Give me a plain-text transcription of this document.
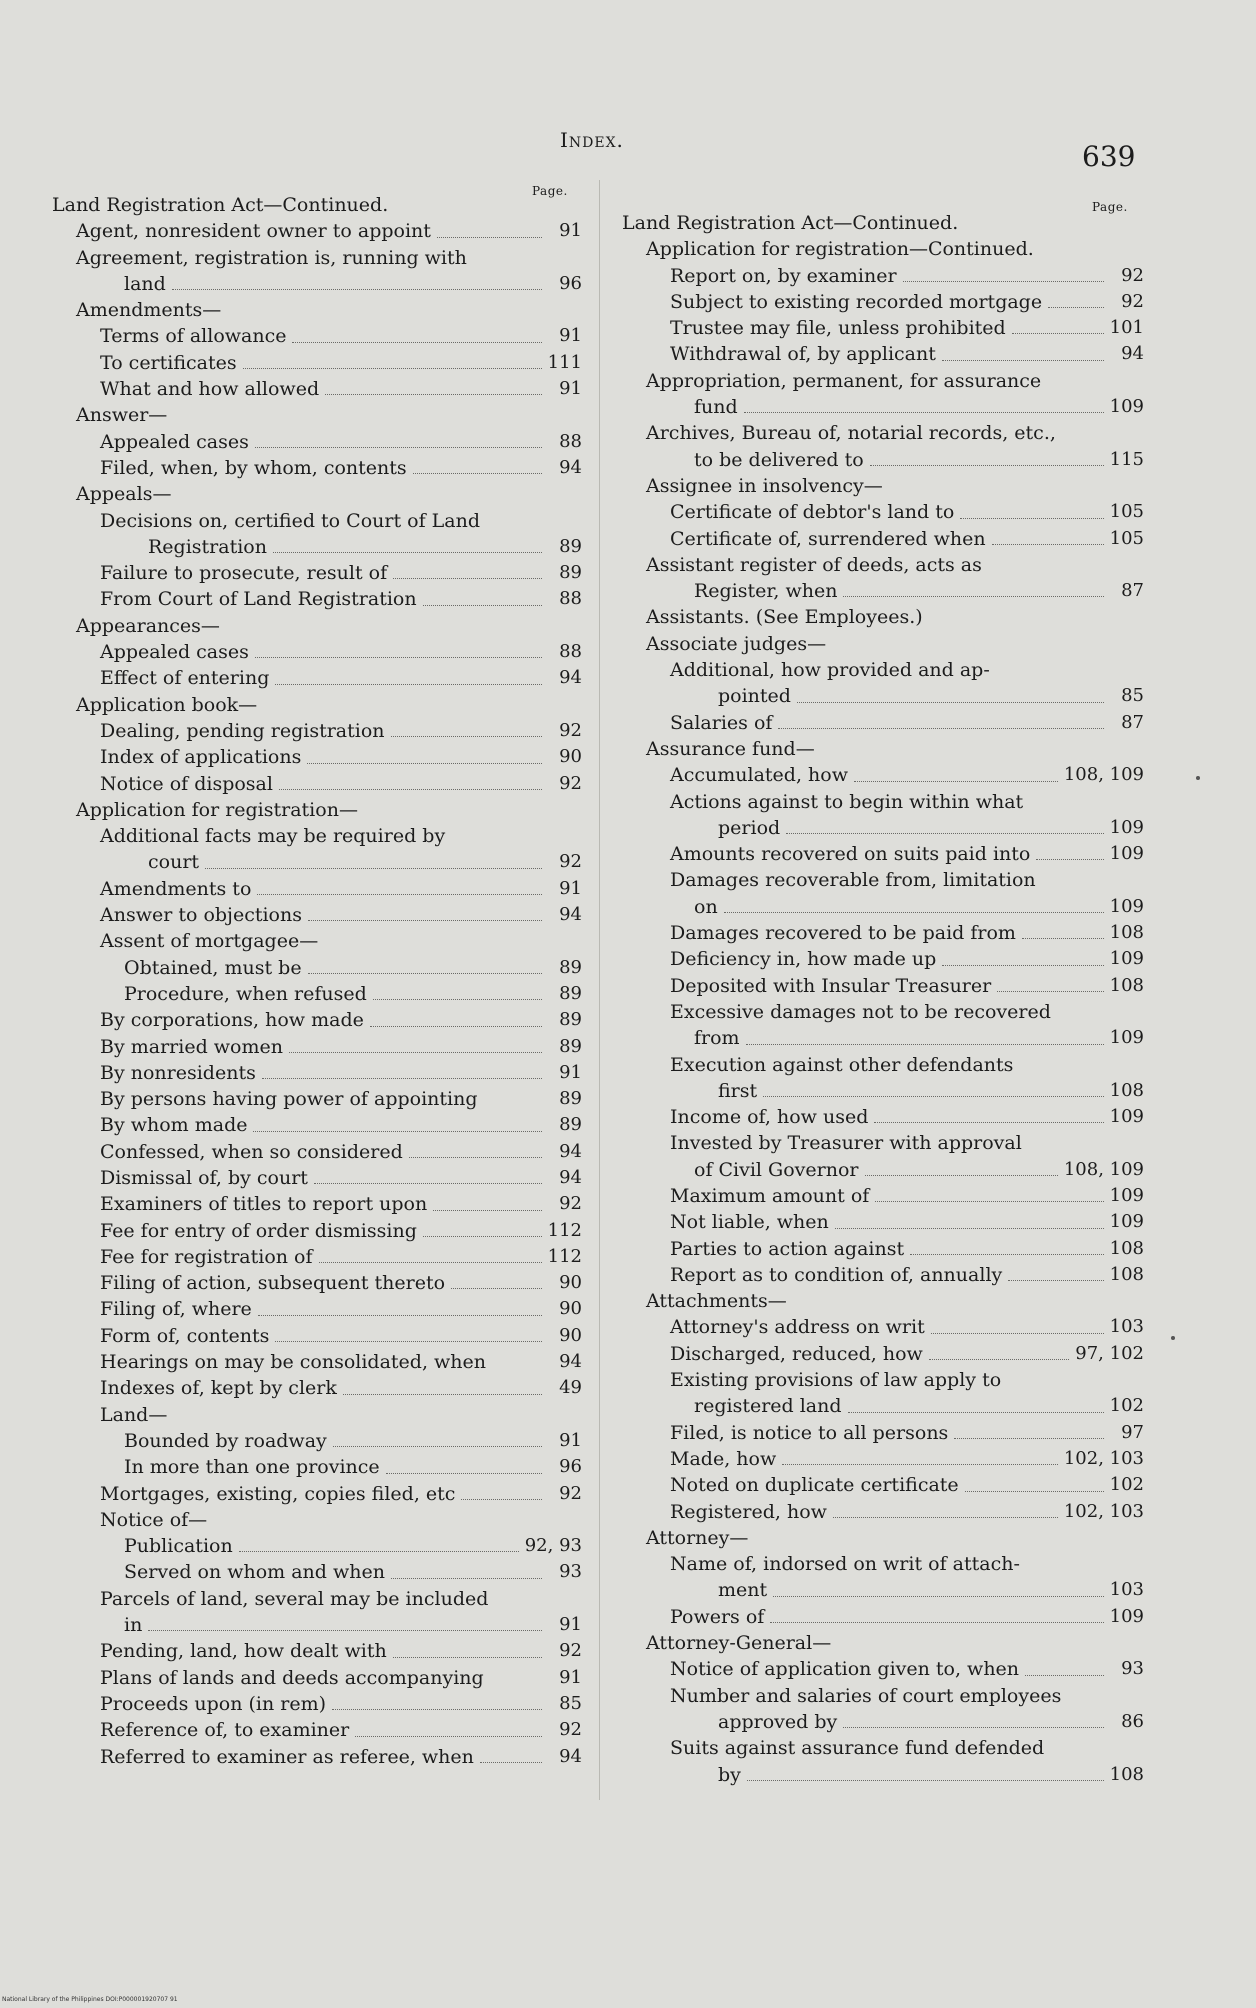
Index.	639
Page.
Page.
Land Registration Act—Continued.
Agent, nonresident owner to appoint	91
Agreement, registration is, running with
land	96
Amendments—
Terms of allowance	91
To certificates	111
What and how allowed	91
Answer—
Appealed cases	88
Filed, when, by whom, contents	94
Appeals—
Decisions on, certified to Court of Land
Registration	89
Failure to prosecute, result of	89
From Court of Land Registration	88
Appearances—
Appealed cases	88
Effect of entering	94
Application book—
Dealing, pending registration	92
Index of applications	90
Notice of disposal	92
Application for registration—
Additional facts may be required by
court	92
Amendments to	91
Answer to objections	94
Assent of mortgagee—
Obtained, must be	89
Procedure, when refused	89
By corporations, how made	89
By married women	89
By nonresidents	91
By persons having power of appointing	89
By whom made	89
Confessed, when so considered	94
Dismissal of, by court	94
Examiners of titles to report upon	92
Fee for entry of order dismissing	112
Fee for registration of	112
Filing of action, subsequent thereto	90
Filing of, where	90
Form of, contents	90
Hearings on may be consolidated, when	94
Indexes of, kept by clerk	49
Land—
Bounded by roadway	91
In more than one province	96
Mortgages, existing, copies filed, etc	92
Notice of—
Publication	92, 93
Served on whom and when	93
Parcels of land, several may be included
in	91
Pending, land, how dealt with	92
Plans of lands and deeds accompanying	91
Proceeds upon (in rem)	85
Reference of, to examiner	92
Referred to examiner as referee, when	94
Land Registration Act—Continued.
Application for registration—Continued.
Report on, by examiner	92
Subject to existing recorded mortgage	92
Trustee may file, unless prohibited	101
Withdrawal of, by applicant	94
Appropriation, permanent, for assurance
fund	109
Archives, Bureau of, notarial records, etc.,
to be delivered to	115
Assignee in insolvency—
Certificate of debtor's land to	105
Certificate of, surrendered when	105
Assistant register of deeds, acts as
Register, when	87
Assistants. (See Employees.)
Associate judges—
Additional, how provided and ap-
pointed	85
Salaries of	87
Assurance fund—
Accumulated, how	108, 109
Actions against to begin within what
period	109
Amounts recovered on suits paid into	109
Damages recoverable from, limitation
on	109
Damages recovered to be paid from	108
Deficiency in, how made up	109
Deposited with Insular Treasurer	108
Excessive damages not to be recovered
from	109
Execution against other defendants
first	108
Income of, how used	109
Invested by Treasurer with approval
of Civil Governor	108, 109
Maximum amount of	109
Not liable, when	109
Parties to action against	108
Report as to condition of, annually	108
Attachments—
Attorney's address on writ	103
Discharged, reduced, how	97, 102
Existing provisions of law apply to
registered land	102
Filed, is notice to all persons	97
Made, how	102, 103
Noted on duplicate certificate	102
Registered, how	102, 103
Attorney—
Name of, indorsed on writ of attach-
ment	103
Powers of	109
Attorney-General—
Notice of application given to, when	93
Number and salaries of court employees
approved by	86
Suits against assurance fund defended
by	108
National Library of the Philippines DOI:P000001920707 91
